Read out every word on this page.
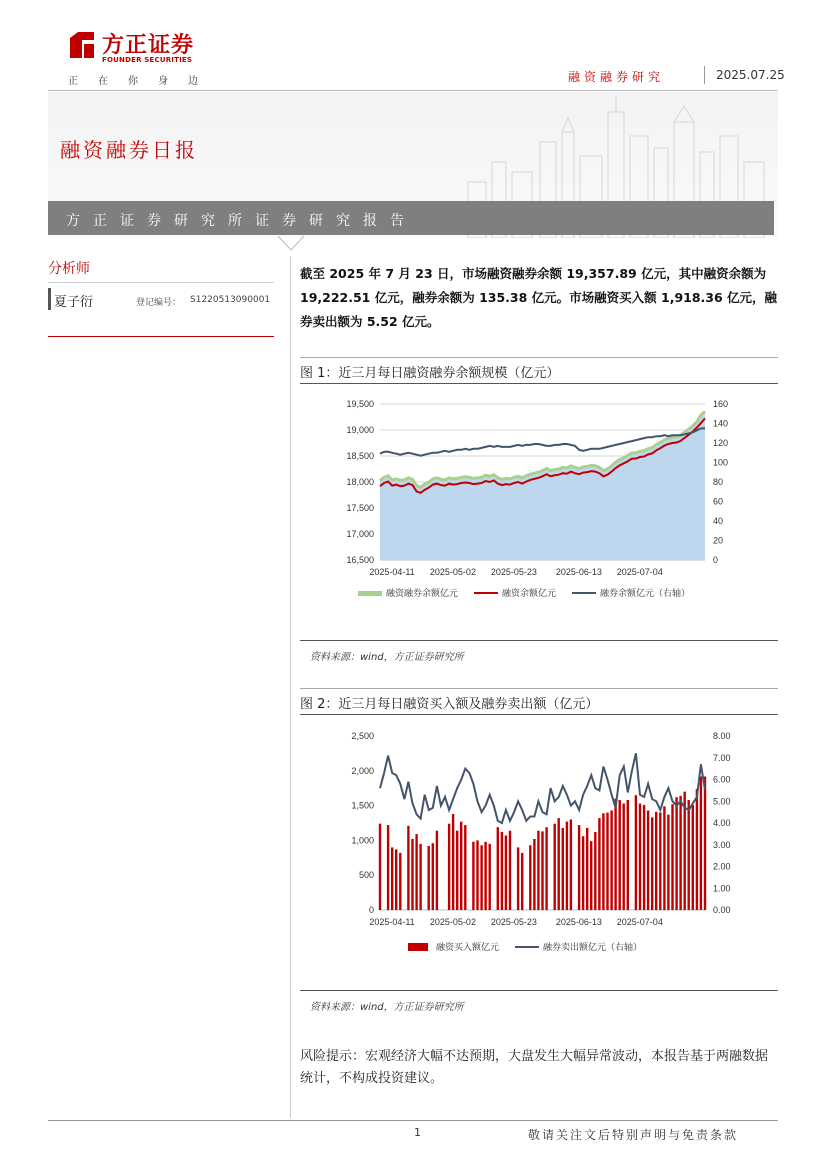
方正证券
FOUNDER SECURITIES
正在你身边	融资融券研究	2025.07.25
融资融券日报
方正证券研究所证券研究报告
分析师
夏子衍	登记编号： S1220513090001
截至 2025 年 7 月 23 日，市场融资融券余额 19,357.89 亿元，其中融资余额为 19,222.51 亿元，融券余额为 135.38 亿元。市场融资买入额 1,918.36 亿元，融券卖出额为 5.52 亿元。
图 1：近三月每日融资融券余额规模（亿元）
16,500
17,000
17,500
18,000
18,500
19,000
19,500
0
20
40
60
80
100
120
140
160
2025-04-11 2025-05-02 2025-05-23 2025-06-13 2025-07-04
融资融券余额亿元	融资余额亿元	融券余额亿元（右轴）
资料来源：wind，方正证券研究所
图 2：近三月每日融资买入额及融券卖出额（亿元）
0
500
1,000
1,500
2,000
2,500
0.00
1.00
2.00
3.00
4.00
5.00
6.00
7.00
8.00
2025-04-11 2025-05-02 2025-05-23 2025-06-13 2025-07-04
融资买入额亿元	融券卖出额亿元（右轴）
资料来源：wind，方正证券研究所
风险提示：宏观经济大幅不达预期，大盘发生大幅异常波动，本报告基于两融数据统计，不构成投资建议。
1	敬请关注文后特别声明与免责条款
